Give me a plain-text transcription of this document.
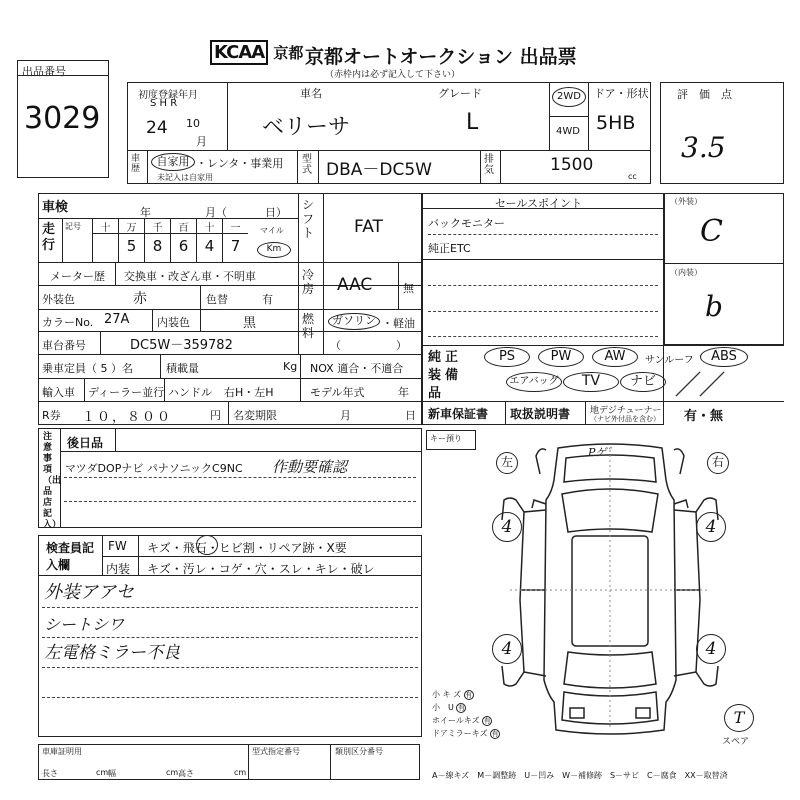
KCAA 京都 京都オートオークション 出品票
（赤枠内は必ず記入して下さい）
出品番号
3029
初度登録年月
S H R
24 10
月
車名
ベリーサ
グレード
L
2WD
4WD
ドア・形状
5HB
車歴
自家用 ・レンタ・事業用
未記入は自家用
型式 DBA－DC5W
排気	1500
cc
評　価　点
3.5
車検	年	月（	日）
走行
記号	十	万
5
千
8
百
6
十
4
一
7
マイル
Km
シフト FAT
メーター歴 交換車・改ざん車・不明車
外装色	赤	色替	有
カラーNo. 27A	内装色	黒
冷房 AAC	無
燃料
ガソリン ・軽油
（　　　　　）
車台番号	DC5W－359782
乗車定員（ 5 ）名	積載量	Kg NOX 適合・不適合
輸入車 ディーラー並行 ハンドル 右H・左H	モデル年式	年
R券 １０，８００	円 名変期限	月	日
セールスポイント
バックモニター
純正ETC
純正装備品
PS	PW	AW	サンルーフ	ABS
エアバッグ	TV	ナビ
新車保証書 取扱説明書 地デジチューナー
（ナビ外付品を含む） 有・無
（外装）
C
（内装）
b
注意事項（出品店記入）
後日品
マツダDOPナビ パナソニックC9NC 作動要確認
検査員記入欄
FW キズ・飛石・ヒビ割・リペア跡・X要
内装 キズ・汚レ・コゲ・穴・スレ・キレ・破レ
外装アアセ
シートシワ
左電格ミラー不良
車庫証明用
長さ	cm 幅	cm 高さ	cm
型式指定番号	類別区分番号
キー預り
左	右
Pゲ゛
4	4
4	4
小 キ ズ 有
小　U 有
ホイールキズ 有
ドアミラーキズ 有
T
スペア
A－線キズ　M－調整跡　U－凹み　W－補修跡　S－サビ　C－腐食　XX－取替済
